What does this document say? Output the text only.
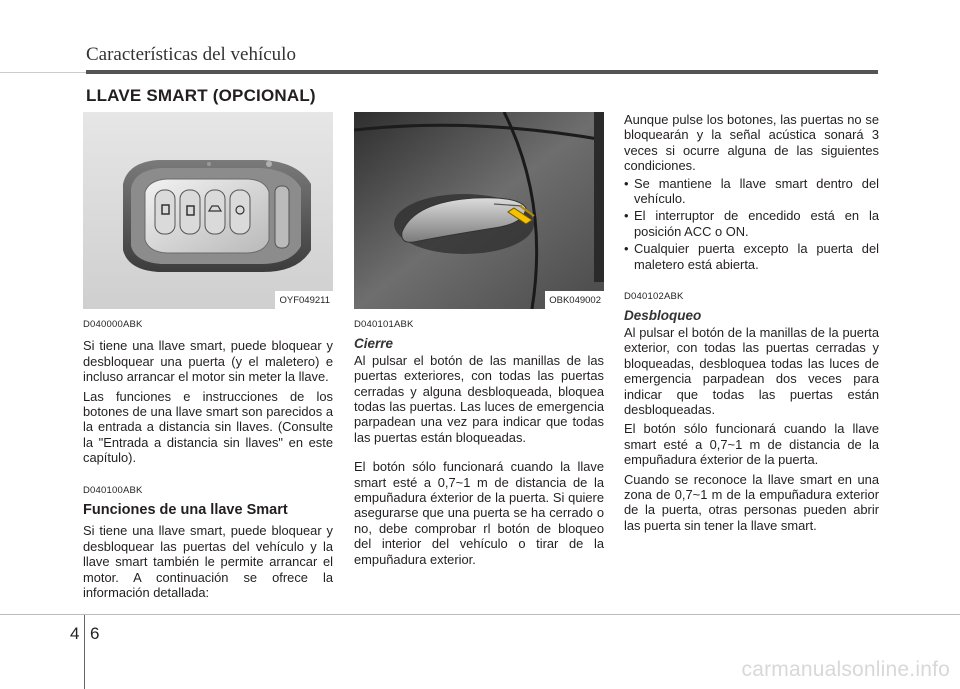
Características del vehículo
LLAVE SMART (OPCIONAL)
OYF049211

D040000ABK

Si tiene una llave smart, puede bloquear y desbloquear una puerta (y el maletero) e incluso arrancar el motor sin meter la llave.

Las funciones e instrucciones de los botones de una llave smart son parecidos a la entrada a distancia sin llaves. (Consulte la "Entrada a distancia sin llaves" en este capítulo).

D040100ABK

Funciones de una llave Smart

Si tiene una llave smart, puede bloquear y desbloquear las puertas del vehículo y la llave smart también le permite arrancar el motor. A continuación se ofrece la información detallada:

OBK049002

D040101ABK

Cierre

Al pulsar el botón de las manillas de las puertas exteriores, con todas las puertas cerradas y alguna desbloqueada, bloquea todas las puertas. Las luces de emergencia parpadean una vez para indicar que todas las puertas están bloqueadas.

El botón sólo funcionará cuando la llave smart esté a 0,7~1 m de distancia de la empuñadura éxterior de la puerta. Si quiere asegurarse que una puerta se ha cerrado o no, debe comprobar rl botón de bloqueo del interior del vehículo o tirar de la empuñadura exterior.

Aunque pulse los botones, las puertas no se bloquearán y la señal acústica sonará 3 veces si ocurre alguna de las siguientes condiciones.

• Se mantiene la llave smart dentro del vehículo.
• El interruptor de encedido está en la posición ACC o ON.
• Cualquier puerta excepto la puerta del maletero está abierta.

D040102ABK

Desbloqueo

Al pulsar el botón de la manillas de la puerta exterior, con todas las puertas cerradas y bloqueadas, desbloquea todas las luces de emergencia parpadean dos veces para indicar que todas las puertas están desbloqueadas.

El botón sólo funcionará cuando la llave smart esté a 0,7~1 m de distancia de la empuñadura éxterior de la puerta.

Cuando se reconoce la llave smart en una zona de 0,7~1 m de la empuñadura exterior de la puerta, otras personas pueden abrir las puerta sin tener la llave smart.

4 6
carmanualsonline.info
